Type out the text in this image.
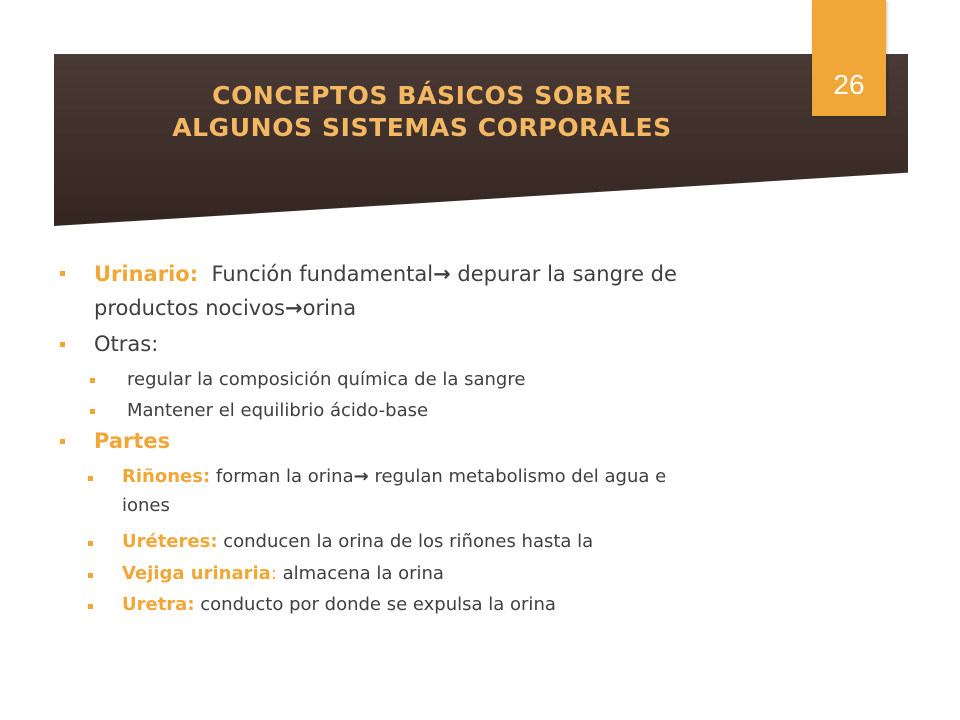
CONCEPTOS BÁSICOS SOBRE
ALGUNOS SISTEMAS CORPORALES
26
Urinario: Función fundamental→ depurar la sangre de
productos nocivos→orina
Otras:
regular la composición química de la sangre
Mantener el equilibrio ácido-base
Partes
Riñones: forman la orina→ regulan metabolismo del agua e
iones
Uréteres: conducen la orina de los riñones hasta la
Vejiga urinaria: almacena la orina
Uretra: conducto por donde se expulsa la orina
